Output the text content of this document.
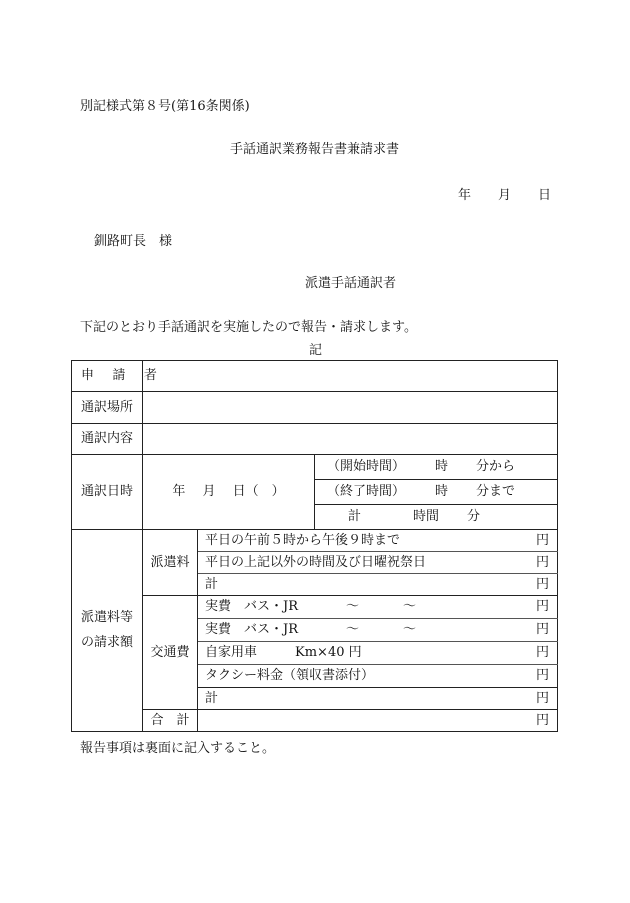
別記様式第８号(第16条関係)
手話通訳業務報告書兼請求書
年 月 日
釧路町長　様
派遣手話通訳者
下記のとおり手話通訳を実施したので報告・請求します。
記
申 請 者			
通訳場所			
通訳内容			
通訳日時	年　 月　 日（　）		（開始時間） 時 分から
			（終了時間） 時 分まで
			計 時間 分
派遣料等
の請求額	派遣料	平日の午前５時から午後９時まで 円	

		平日の上記以外の時間及び日曜祝祭日 円	

		計 円	

	交通費	実費　バス・JR ～ ～ 円	

		実費　バス・JR ～ ～ 円	

		自家用車 Km×40 円 円	

		タクシー料金（領収書添付） 円	

		計 円	

	合　計	円	
報告事項は裏面に記入すること。
